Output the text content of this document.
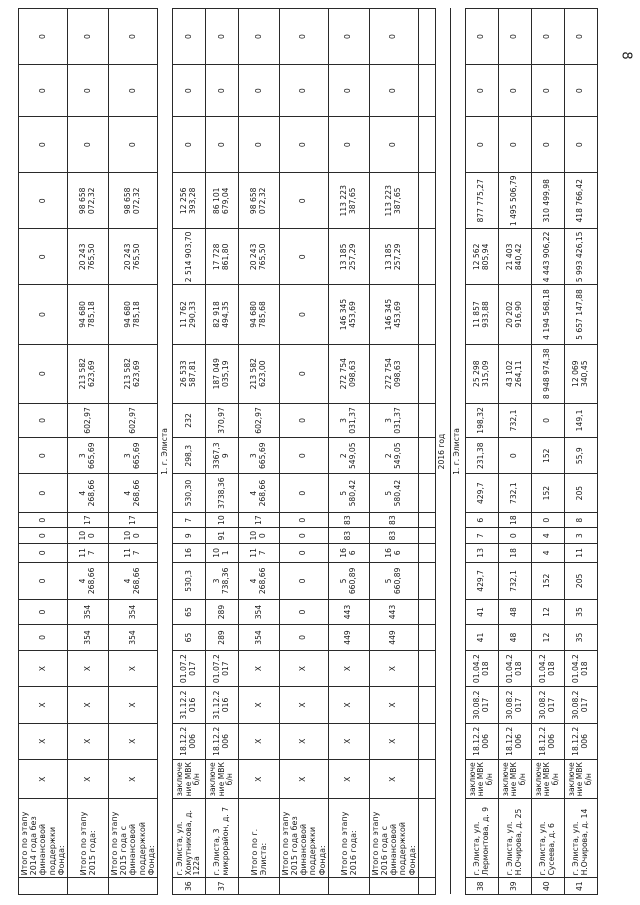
8
	Итого по этапу 2014 года без финансовой поддержки Фонда:	X	X	X	X	0	0	0	0	0	0	0	0	0	0	0	0	0	0	0	0
	Итого по этапу 2015 года:	X	X	X	X	354	354	4 268,66	117	100	17	4 268,66	3 665,69	602,97	213 582 623,69	94 680 785,18	20 243 765,50	98 658 072,32	0	0	0
	Итого по этапу 2015 года с финансовой поддержкой Фонда:	X	X	X	X	354	354	4 268,66	117	100	17	4 268,66	3 665,69	602,97	213 582 623,69	94 680 785,18	20 243 765,50	98 658 072,32	0	0	0
1. г. Элиста																					
36	г. Элиста, ул. Хомутникова, д. 122а	заключение МВК б/н	18.12.2006	31.12.2016	01.07.2017	65	65	530,3	16	9	7	530,30	298,3	232	26 533 587,81	11 762 290,33	2 514 903,70	12 256 393,28	0	0	0
37	г. Элиста, 3 микрорайон, д. 7	заключение МВК б/н	18.12.2006	31.12.2016	01.07.2017	289	289	3 738,36	101	91	10	3738,36	3367,39	370,97	187 049 035,19	82 918 494,35	17 728 861,80	86 101 679,04	0	0	0
	Итого по г. Элиста:	X	X	X	X	354	354	4 268,66	117	100	17	4 268,66	3 665,69	602,97	213 582 623,00	94 680 785,68	20 243 765,50	98 658 072,32	0	0	0
	Итого по этапу 2015 года без финансовой поддержки Фонда:	X	X	X	X	0	0	0	0	0	0	0	0	0	0	0	0	0	0	0	0
	Итого по этапу 2016 года:	X	X	X	X	449	443	5 660,89	166	83	83	5 580,42	2 549,05	3 031,37	272 754 098,63	146 345 453,69	13 185 257,29	113 223 387,65	0	0	0
	Итого по этапу 2016 года с финансовой поддержкой Фонда:	X	X	X	X	449	443	5 660,89	166	83	83	5 580,42	2 549,05	3 031,37	272 754 098,63	146 345 453,69	13 185 257,29	113 223 387,65	0	0	0

2016 год																					
1. г. Элиста																					
38	г. Элиста, ул. Лермонтова, д. 9	заключение МВК б/н	18.12.2006	30.08.2017	01.04.2018	41	41	429,7	13	7	6	429,7	231,38	198,32	25 298 315,09	11 857 933,88	12 562 805,94	877 775,27	0	0	0
39	г. Элиста, ул. Н.Очирова, д. 25	заключение МВК б/н	18.12.2006	30.08.2017	01.04.2018	48	48	732,1	18	0	18	732,1	0	732,1	43 102 264,11	20 202 916,90	21 403 840,42	1 495 506,79	0	0	0
40	г. Элиста, ул. Сусеева, д. 6	заключение МВК б/н	18.12.2006	30.08.2017	01.04.2018	12	12	152	4	4	0	152	152	0	8 948 974,38	4 194 568,18	4 443 906,22	310 499,98	0	0	0
41	г. Элиста, ул. Н.Очирова, д. 14	заключение МВК б/н	18.12.2006	30.08.2017	01.04.2018	35	35	205	11	3	8	205	55,9	149,1	12 069 340,45	5 657 147,88	5 993 426,15	418 766,42	0	0	0
